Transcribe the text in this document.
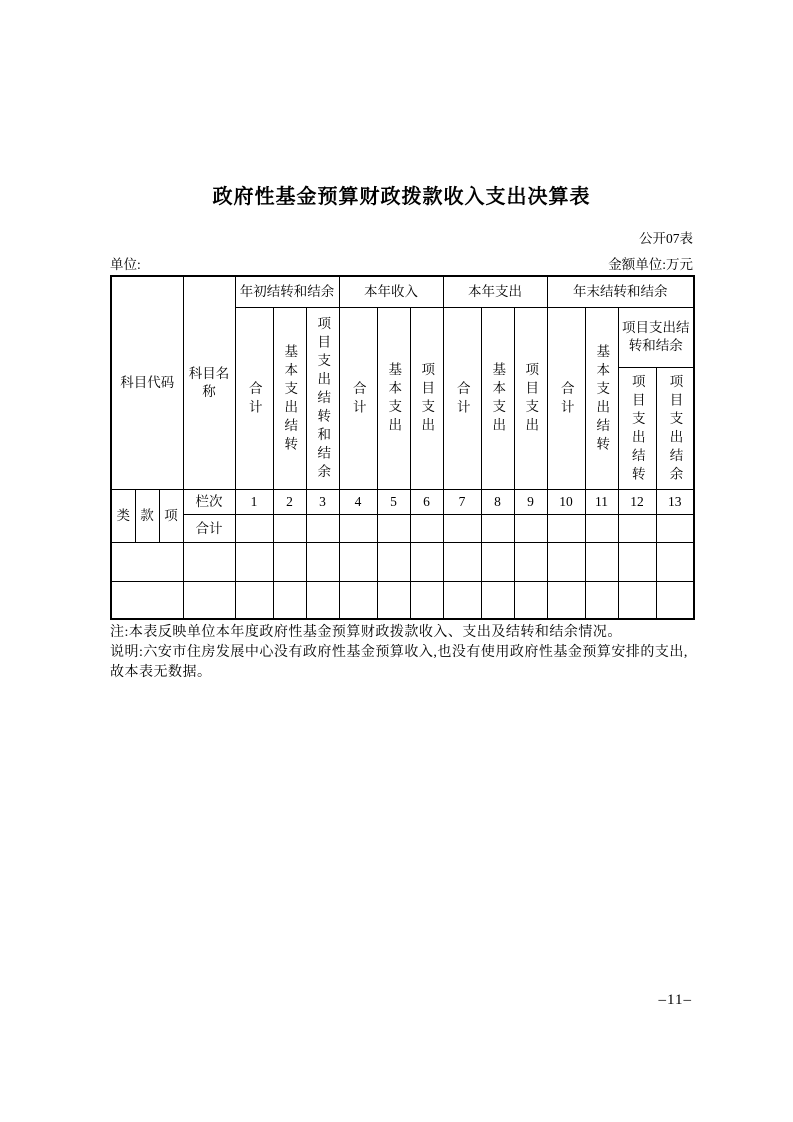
政府性基金预算财政拨款收入支出决算表
公开07表
单位:	金额单位:万元
科目代码			科目名称	年初结转和结余			本年收入			本年支出			年末结转和结余			
				合计	基本支出结转	项目支出结转和结余	合计	基本支出	项目支出	合计	基本支出	项目支出	合计	基本支出结转	项目支出结转和结余	
															项目支出结转	项目支出结余
类	款	项	栏次	1	2	3	4	5	6	7	8	9	10	11	12	13
			合计													

注:本表反映单位本年度政府性基金预算财政拨款收入、支出及结转和结余情况。

说明:六安市住房发展中心没有政府性基金预算收入,也没有使用政府性基金预算安排的支出,故本表无数据。

–11–
